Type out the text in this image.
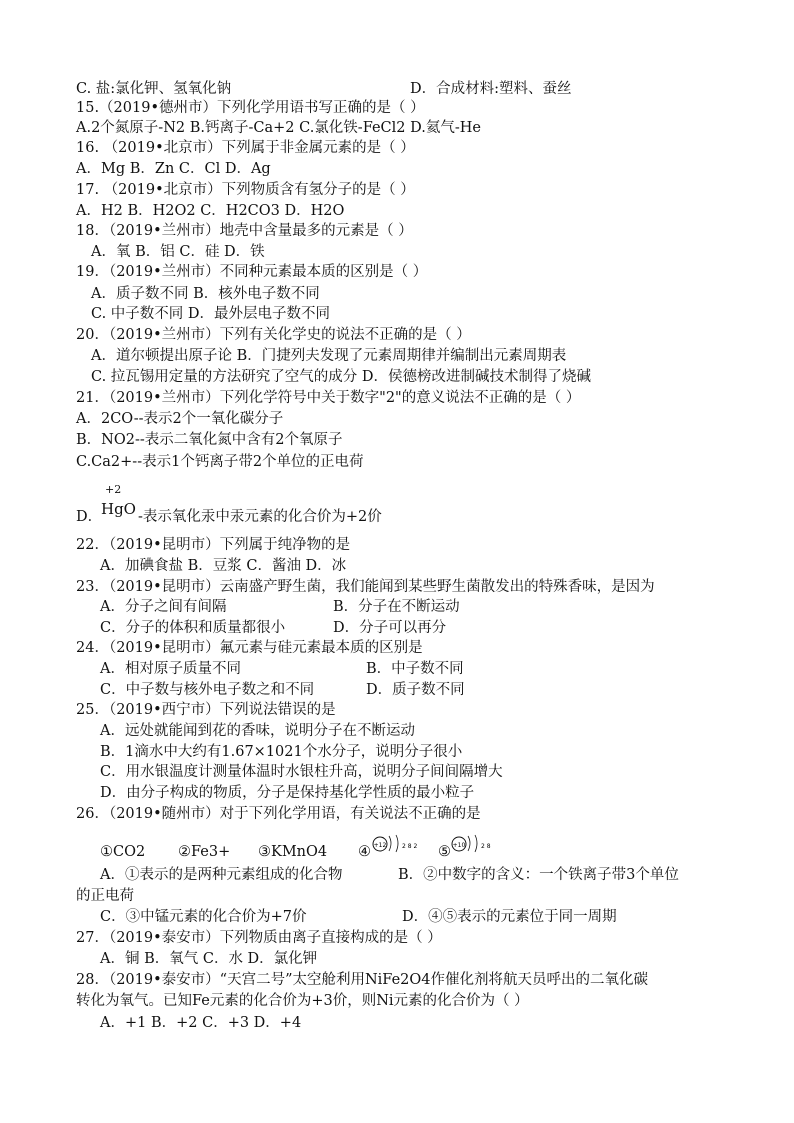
C. 盐:氯化钾、氢氧化钠	D．合成材料:塑料、蚕丝
15.（2019•德州市）下列化学用语书写正确的是（ ）
A.2个氮原子-N2 B.钙离子-Ca+2 C.氯化铁-FeCl2 D.氦气-He
16. （2019•北京市）下列属于非金属元素的是（ ）
A．Mg B．Zn C．Cl D．Ag
17. （2019•北京市）下列物质含有氢分子的是（ ）
A．H2 B．H2O2 C．H2CO3 D．H2O
18．（2019•兰州市）地壳中含量最多的元素是（ ）
A．氧 B．铝 C．硅 D．铁
19．（2019•兰州市）不同种元素最本质的区别是（ ）
A．质子数不同 B．核外电子数不同
C. 中子数不同 D．最外层电子数不同
20．（2019•兰州市）下列有关化学史的说法不正确的是（ ）
A．道尔顿提出原子论 B．门捷列夫发现了元素周期律并编制出元素周期表
C. 拉瓦锡用定量的方法研究了空气的成分 D．侯德榜改进制碱技术制得了烧碱
21．（2019•兰州市）下列化学符号中关于数字"2"的意义说法不正确的是（ ）
A．2CO--表示2个一氧化碳分子
B．NO2--表示二氧化氮中含有2个氧原子
C.Ca2+--表示1个钙离子带2个单位的正电荷
D．
+2
HgO -表示氧化汞中汞元素的化合价为+2价
22．（2019•昆明市）下列属于纯净物的是
A．加碘食盐 B．豆浆 C．酱油 D．冰
23．（2019•昆明市）云南盛产野生菌，我们能闻到某些野生菌散发出的特殊香味，是因为
A．分子之间有间隔	B．分子在不断运动
C．分子的体积和质量都很小	D．分子可以再分
24．（2019•昆明市）氟元素与硅元素最本质的区别是
A．相对原子质量不同	B．中子数不同
C．中子数与核外电子数之和不同	D．质子数不同
25．（2019•西宁市）下列说法错误的是
A．远处就能闻到花的香味，说明分子在不断运动
B．1滴水中大约有1.67×1021个水分子，说明分子很小
C．用水银温度计测量体温时水银柱升高，说明分子间间隔增大
D．由分子构成的物质，分子是保持基化学性质的最小粒子
26．（2019•随州市）对于下列化学用语，有关说法不正确的是
①CO2 ②Fe3+ ③KMnO4 ④	⑤
+12	2 8 2	+10	2 8
A．①表示的是两种元素组成的化合物	B．②中数字的含义：一个铁离子带3个单位
的正电荷
C．③中锰元素的化合价为+7价	D．④⑤表示的元素位于同一周期
27．（2019•泰安市）下列物质由离子直接构成的是（ ）
A．铜 B．氧气 C．水 D．氯化钾
28．（2019•泰安市）“天宫二号”太空舱利用NiFe2O4作催化剂将航天员呼出的二氧化碳
转化为氧气。已知Fe元素的化合价为+3价，则Ni元素的化合价为（ ）
A．+1 B．+2 C．+3 D．+4
